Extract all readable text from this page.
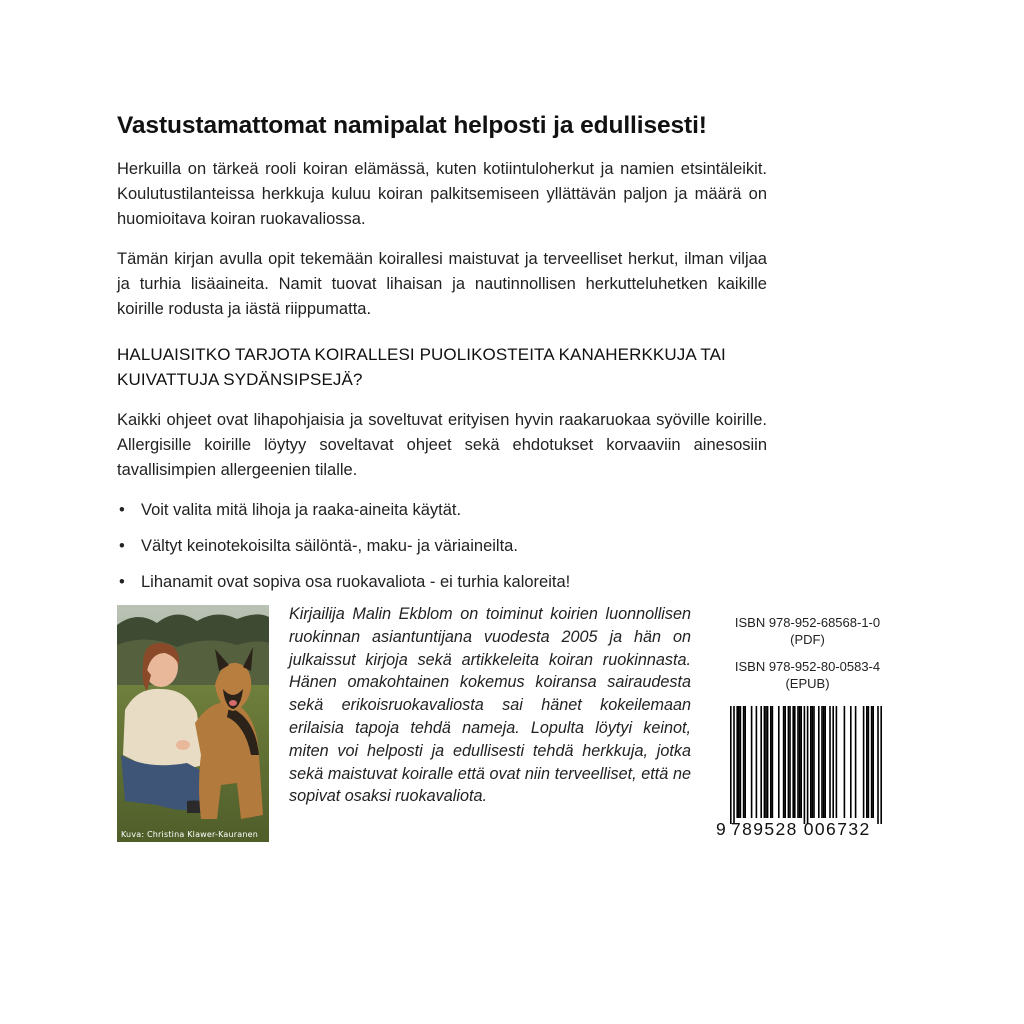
Vastustamattomat namipalat helposti ja edullisesti!

Herkuilla on tärkeä rooli koiran elämässä, kuten kotiintuloherkut ja namien etsintäleikit. Koulutustilanteissa herkkuja kuluu koiran palkitsemiseen yllättävän paljon ja määrä on huomioitava koiran ruokavaliossa.

Tämän kirjan avulla opit tekemään koirallesi maistuvat ja terveelliset herkut, ilman viljaa ja turhia lisäaineita. Namit tuovat lihaisan ja nautinnollisen herkutteluhetken kaikille koirille rodusta ja iästä riippumatta.

HALUAISITKO TARJOTA KOIRALLESI PUOLIKOSTEITA KANAHERKKUJA TAI KUIVATTUJA SYDÄNSIPSEJÄ?

Kaikki ohjeet ovat lihapohjaisia ja soveltuvat erityisen hyvin raakaruokaa syöville koirille. Allergisille koirille löytyy soveltavat ohjeet sekä ehdotukset korvaaviin ainesosiin tavallisimpien allergeenien tilalle.

• Voit valita mitä lihoja ja raaka-aineita käytät.
• Vältyt keinotekoisilta säilöntä-, maku- ja väriaineilta.
• Lihanamit ovat sopiva osa ruokavaliota - ei turhia kaloreita!
Kuva: Christina Klawer-Kauranen

Kirjailija Malin Ekblom on toiminut koirien luonnollisen ruokinnan asiantuntijana vuodesta 2005 ja hän on julkaissut kirjoja sekä artikkeleita koiran ruokinnasta. Hänen omakohtainen kokemus koiransa sairaudesta sekä erikoisruokavaliosta sai hänet kokeilemaan erilaisia tapoja tehdä nameja. Lopulta löytyi keinot, miten voi helposti ja edullisesti tehdä herkkuja, jotka sekä maistuvat koiralle että ovat niin terveelliset, että ne sopivat osaksi ruokavaliota.

ISBN 978-952-68568-1-0
(PDF)
ISBN 978-952-80-0583-4
(EPUB)
9 789528 006732
